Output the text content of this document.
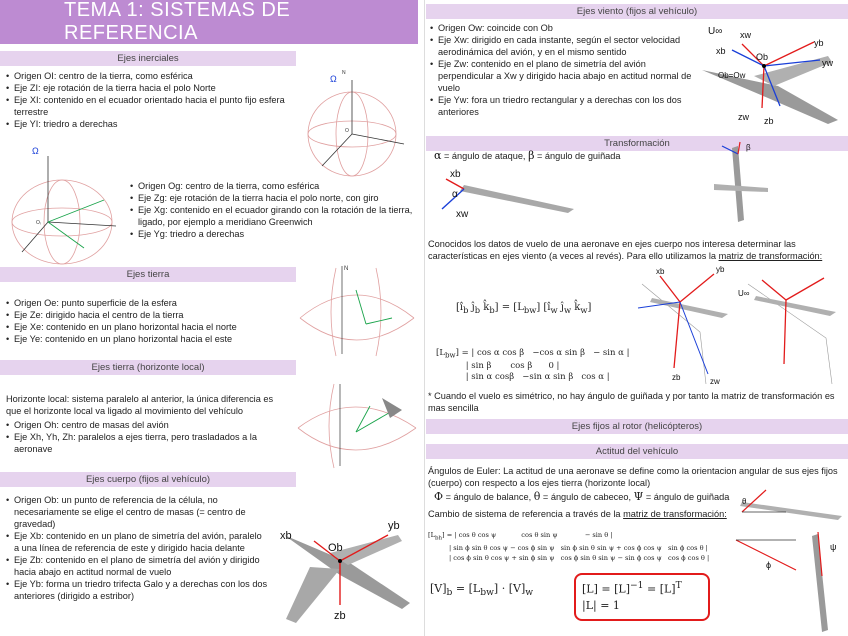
TEMA 1: SISTEMAS DE REFERENCIA
Ejes inerciales
• Origen OI: centro de la tierra, como esférica
• Eje ZI: eje rotación de la tierra hacia el polo Norte
• Eje XI: contenido en el ecuador orientado hacia el punto fijo esfera terrestre
• Eje YI: triedro a derechas
Ω
N
O
Ω
Oᵢ
• Origen Og: centro de la tierra, como esférica
• Eje Zg: eje rotación de la tierra hacia el polo norte, con giro
• Eje Xg: contenido en el ecuador girando con la rotación de la tierra, ligado, por ejemplo a meridiano Greenwich
• Eje Yg: triedro a derechas
Ejes tierra
• Origen Oe: punto superficie de la esfera
• Eje Ze: dirigido hacia el centro de la tierra
• Eje Xe: contenido en un plano horizontal hacia el norte
• Eje Ye: contenido en un plano horizontal hacia el este
N
Ejes tierra (horizonte local)
Horizonte local: sistema paralelo al anterior, la única diferencia es que el horizonte local va ligado al movimiento del vehículo
• Origen Oh: centro de masas del avión
• Eje Xh, Yh, Zh: paralelos a ejes tierra, pero trasladados a la aeronave
Ejes cuerpo (fijos al vehículo)
• Origen Ob: un punto de referencia de la célula, no necesariamente se elige el centro de masas (= centro de gravedad)
• Eje Xb: contenido en un plano de simetría del avión, paralelo a una línea de referencia de este y dirigido hacia delante
• Eje Zb: contenido en el plano de simetría del avión y dirigido hacia abajo en actitud normal de vuelo
• Eje Yb: forma un triedro trifecta Galo y a derechas con los dos anteriores (dirigido a estribor)
xb
Ob
yb
zb
Ejes viento (fijos al vehículo)
• Origen Ow: coincide con Ob
• Eje Xw: dirigido en cada instante, según el sector velocidad aerodinámica del avión, y en el mismo sentido
• Eje Zw: contenido en el plano de simetría del avión perpendicular a Xw y dirigido hacia abajo en actitud normal de vuelo
• Eje Yw: fora un triedro rectangular y a derechas con los dos anteriores
U∞ xw
xb
Ob
Ob=Ow
yb
yw
zw zb
Transformación
α = ángulo de ataque, β = ángulo de guiñada
xb
α
xw
β
Conocidos los datos de vuelo de una aeronave en ejes cuerpo nos interesa determinar las características en ejes viento (a veces al revés). Para ello utilizamos la matriz de transformación:
[$î_b$ $ĵ_b$ $k̂_b] = [L_{bw}]$ [$î_w$ $ĵ_w$ $k̂_w$]
$[L_{bw}]$ = | cos α cos β   −cos α sin β   − sin α |
| sin β       cos β      0 |
| sin α cosβ   −sin α sin β   cos α |
xb	yb
zb	zw
U∞
* Cuando el vuelo es simétrico, no hay ángulo de guiñada y por tanto la matriz de transformación es mas sencilla
Ejes fijos al rotor (helicópteros)
Actitud del vehículo
Ángulos de Euler: La actitud de una aeronave se define como la orientacion angular de sus ejes fijos (cuerpo) con respecto a los ejes tierra (horizonte local)
Φ = ángulo de balance, θ = ángulo de cabeceo, Ψ = ángulo de guiñada
Cambio de sistema de referencia a través de la matriz de transformación:
$[L_{bh}]$ = | cos θ cos ψ            cos θ sin ψ             − sin θ |
| sin ϕ sin θ cos ψ − cos ϕ sin ψ   sin ϕ sin θ sin ψ + cos ϕ cos ψ   sin ϕ cos θ |
| cos ϕ sin θ cos ψ + sin ϕ sin ψ   cos ϕ sin θ sin ψ − sin ϕ cos ψ   cos ϕ cos θ |
$[V]_b = [L_{bw}] \cdot [V]_w$	$[L] = [L]^{-1} = [L]^T$
|L| = 1
θ
ϕ
ψ
